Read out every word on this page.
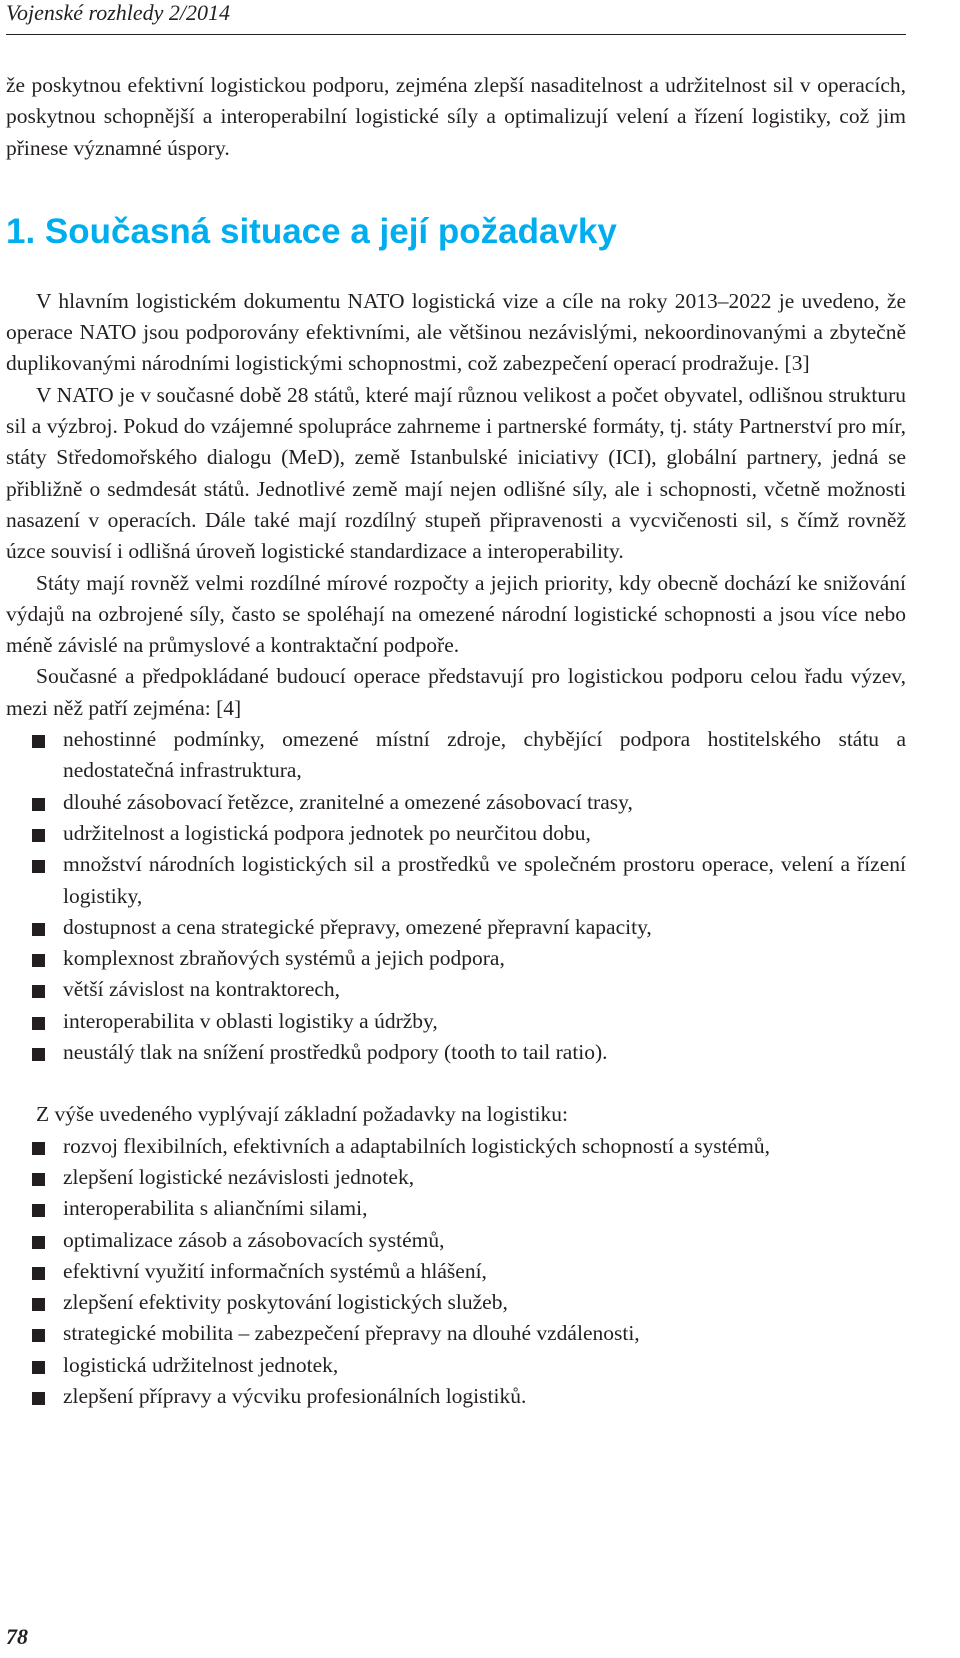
Vojenské rozhledy 2/2014

že poskytnou efektivní logistickou podporu, zejména zlepší nasaditelnost a udržitelnost sil v operacích, poskytnou schopnější a interoperabilní logistické síly a optimalizují velení a řízení logistiky, což jim přinese významné úspory.

1. Současná situace a její požadavky

V hlavním logistickém dokumentu NATO logistická vize a cíle na roky 2013–2022 je uvedeno, že operace NATO jsou podporovány efektivními, ale většinou nezávislými, nekoordinovanými a zbytečně duplikovanými národními logistickými schopnostmi, což zabezpečení operací prodražuje. [3]

V NATO je v současné době 28 států, které mají různou velikost a počet obyvatel, odlišnou strukturu sil a výzbroj. Pokud do vzájemné spolupráce zahrneme i partnerské formáty, tj. státy Partnerství pro mír, státy Středomořského dialogu (MeD), země Istanbulské iniciativy (ICI), globální partnery, jedná se přibližně o sedmdesát států. Jednotlivé země mají nejen odlišné síly, ale i schopnosti, včetně možnosti nasazení v operacích. Dále také mají rozdílný stupeň připravenosti a vycvičenosti sil, s čímž rovněž úzce souvisí i odlišná úroveň logistické standardizace a interoperability.

Státy mají rovněž velmi rozdílné mírové rozpočty a jejich priority, kdy obecně dochází ke snižování výdajů na ozbrojené síly, často se spoléhají na omezené národní logistické schopnosti a jsou více nebo méně závislé na průmyslové a kontraktační podpoře.

Současné a předpokládané budoucí operace představují pro logistickou podporu celou řadu výzev, mezi něž patří zejména: [4]

nehostinné podmínky, omezené místní zdroje, chybějící podpora hostitelského státu a nedostatečná infrastruktura,
dlouhé zásobovací řetězce, zranitelné a omezené zásobovací trasy,
udržitelnost a logistická podpora jednotek po neurčitou dobu,
množství národních logistických sil a prostředků ve společném prostoru operace, velení a řízení logistiky,
dostupnost a cena strategické přepravy, omezené přepravní kapacity,
komplexnost zbraňových systémů a jejich podpora,
větší závislost na kontraktorech,
interoperabilita v oblasti logistiky a údržby,
neustálý tlak na snížení prostředků podpory (tooth to tail ratio).

Z výše uvedeného vyplývají základní požadavky na logistiku:

rozvoj flexibilních, efektivních a adaptabilních logistických schopností a systémů,
zlepšení logistické nezávislosti jednotek,
interoperabilita s aliančními silami,
optimalizace zásob a zásobovacích systémů,
efektivní využití informačních systémů a hlášení,
zlepšení efektivity poskytování logistických služeb,
strategické mobilita – zabezpečení přepravy na dlouhé vzdálenosti,
logistická udržitelnost jednotek,
zlepšení přípravy a výcviku profesionálních logistiků.
78
